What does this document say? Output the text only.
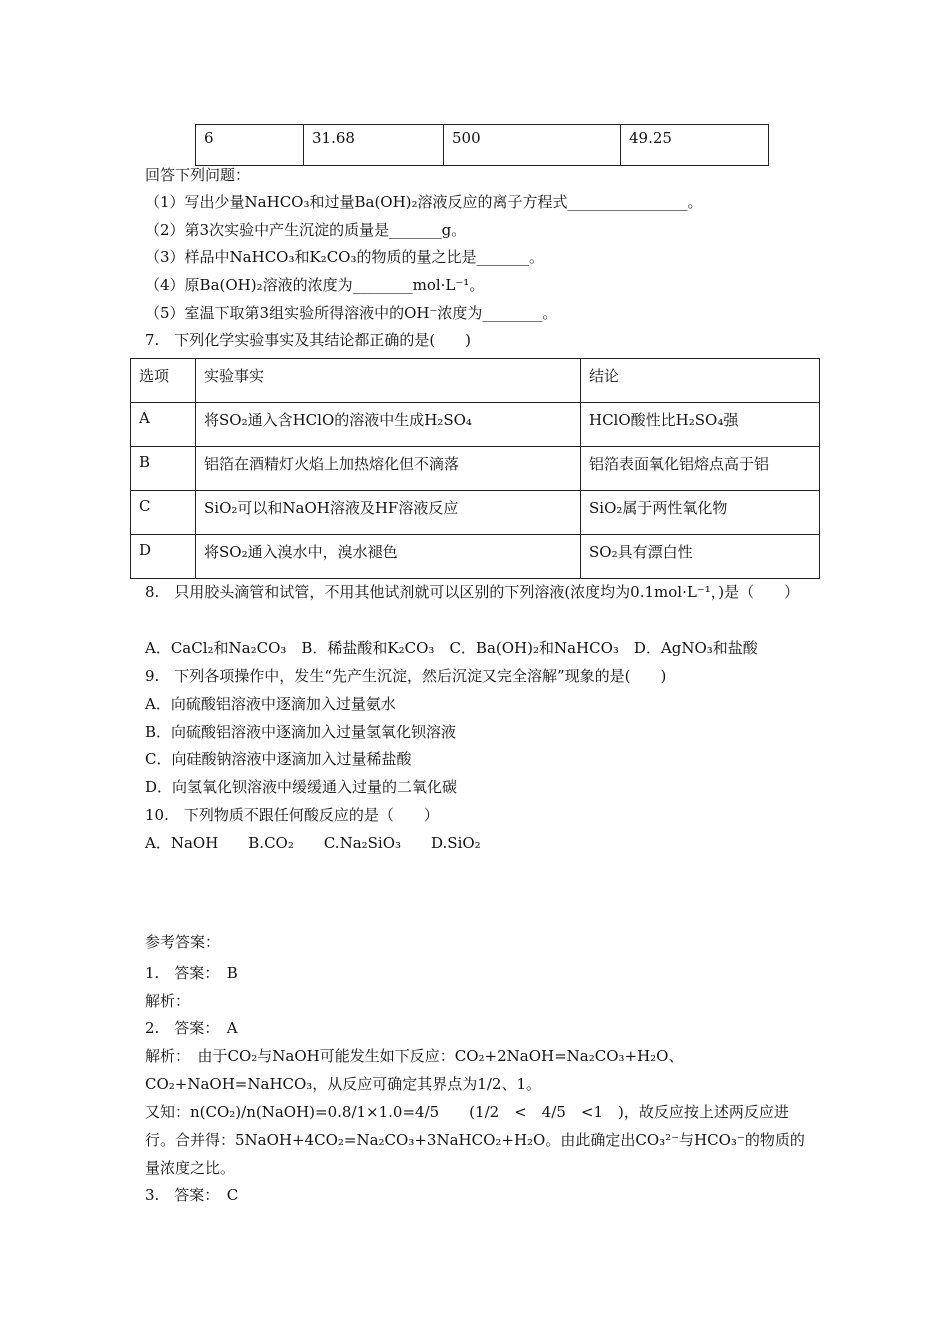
6	31.68	500	49.25
回答下列问题：
（1）写出少量NaHCO₃和过量Ba(OH)₂溶液反应的离子方程式________________。
（2）第3次实验中产生沉淀的质量是_______g。
（3）样品中NaHCO₃和K₂CO₃的物质的量之比是_______。
（4）原Ba(OH)₂溶液的浓度为________mol·L⁻¹。
（5）室温下取第3组实验所得溶液中的OH⁻浓度为________。
7.　下列化学实验事实及其结论都正确的是(　　)
选项	实验事实	结论
A	将SO₂通入含HClO的溶液中生成H₂SO₄	HClO酸性比H₂SO₄强
B	铝箔在酒精灯火焰上加热熔化但不滴落	铝箔表面氧化铝熔点高于铝
C	SiO₂可以和NaOH溶液及HF溶液反应	SiO₂属于两性氧化物
D	将SO₂通入溴水中，溴水褪色	SO₂具有漂白性
8.　只用胶头滴管和试管，不用其他试剂就可以区别的下列溶液(浓度均为0.1mol·L⁻¹，)是（　　）
A．CaCl₂和Na₂CO₃　B．稀盐酸和K₂CO₃　C．Ba(OH)₂和NaHCO₃　D．AgNO₃和盐酸
9.　下列各项操作中，发生“先产生沉淀，然后沉淀又完全溶解”现象的是(　　)
A．向硫酸铝溶液中逐滴加入过量氨水
B．向硫酸铝溶液中逐滴加入过量氢氧化钡溶液
C．向硅酸钠溶液中逐滴加入过量稀盐酸
D．向氢氧化钡溶液中缓缓通入过量的二氧化碳
10.　下列物质不跟任何酸反应的是（　　）
A．NaOH　　B.CO₂　　C.Na₂SiO₃　　D.SiO₂
参考答案：
1.　答案：　B
解析：
2.　答案：　A
解析：　由于CO₂与NaOH可能发生如下反应：CO₂+2NaOH=Na₂CO₃+H₂O、CO₂+NaOH=NaHCO₃，从反应可确定其界点为1/2、1。
又知：n(CO₂)/n(NaOH)=0.8/1×1.0=4/5　　(1/2　<　4/5　<1　)，故反应按上述两反应进行。合并得：5NaOH+4CO₂=Na₂CO₃+3NaHCO₂+H₂O。由此确定出CO₃²⁻与HCO₃⁻的物质的量浓度之比。
3.　答案：　C
